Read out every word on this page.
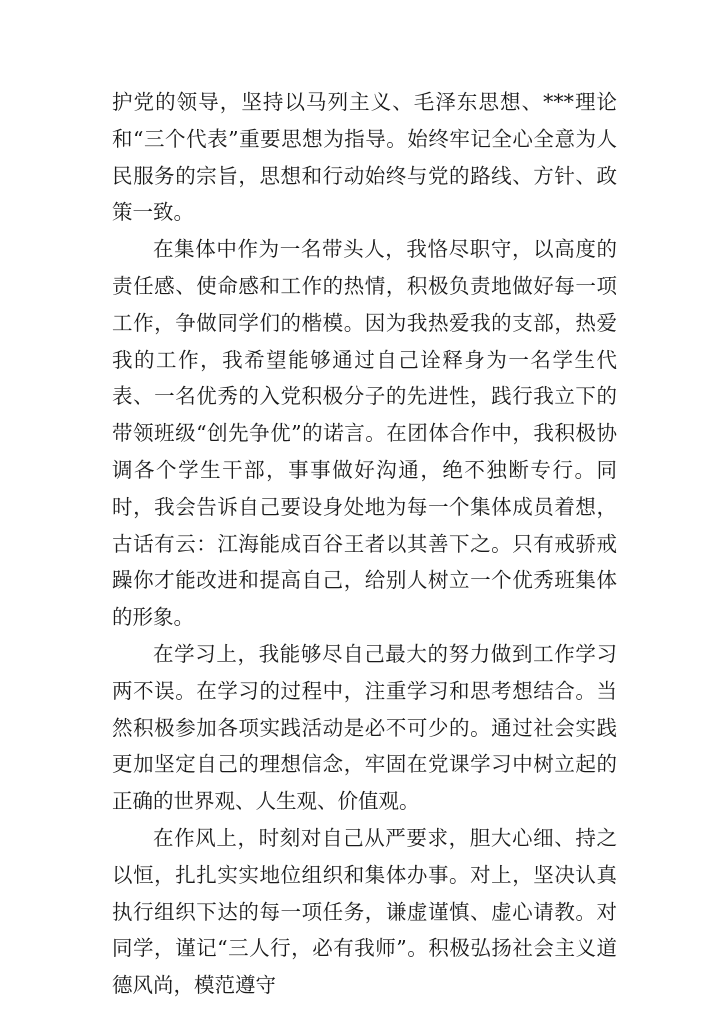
护党的领导，坚持以马列主义、毛泽东思想、***理论和“三个代表”重要思想为指导。始终牢记全心全意为人民服务的宗旨，思想和行动始终与党的路线、方针、政策一致。

在集体中作为一名带头人，我恪尽职守，以高度的责任感、使命感和工作的热情，积极负责地做好每一项工作，争做同学们的楷模。因为我热爱我的支部，热爱我的工作，我希望能够通过自己诠释身为一名学生代表、一名优秀的入党积极分子的先进性，践行我立下的带领班级“创先争优”的诺言。在团体合作中，我积极协调各个学生干部，事事做好沟通，绝不独断专行。同时，我会告诉自己要设身处地为每一个集体成员着想，古话有云：江海能成百谷王者以其善下之。只有戒骄戒躁你才能改进和提高自己，给别人树立一个优秀班集体的形象。

在学习上，我能够尽自己最大的努力做到工作学习两不误。在学习的过程中，注重学习和思考想结合。当然积极参加各项实践活动是必不可少的。通过社会实践更加坚定自己的理想信念，牢固在党课学习中树立起的正确的世界观、人生观、价值观。

在作风上，时刻对自己从严要求，胆大心细、持之以恒，扎扎实实地位组织和集体办事。对上，坚决认真执行组织下达的每一项任务，谦虚谨慎、虚心请教。对同学，谨记“三人行，必有我师”。积极弘扬社会主义道德风尚，模范遵守
